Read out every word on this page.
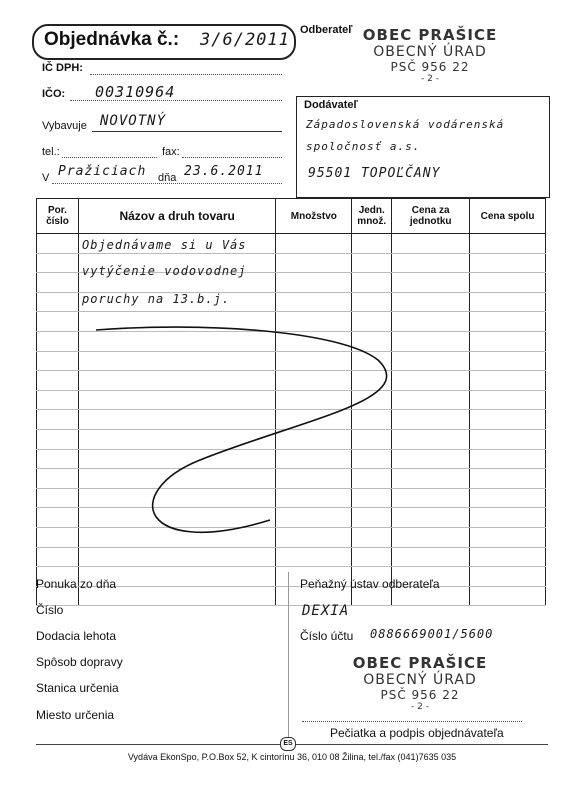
Objednávka č.: 3/6/2011
IČ DPH:
IČO: 00310964
Vybavuje NOVOTNÝ
tel.:	fax:
V Pražiciach dňa 23.6.2011
Odberateľ OBEC PRAŠICE
OBECNÝ ÚRAD
PSČ 956 22
- 2 -
Dodávateľ
Západoslovenská vodárenská
spoločnosť a.s.
95501 TOPOĽČANY
Por. číslo	Názov a druh tovaru	Množstvo	Jedn. množ.	Cena za jednotku	Cena spolu

Objednávame si u Vás
vytýčenie vodovodnej
poruchy na 13.b.j.
Ponuka zo dňa
Číslo
Dodacia lehota
Spôsob dopravy
Stanica určenia
Miesto určenia
Peňažný ústav odberateľa
DEXIA
Číslo účtu 0886669001/5600
OBEC PRAŠICE
OBECNÝ ÚRAD
PSČ 956 22
- 2 -
Pečiatka a podpis objednávateľa
ES
Vydáva EkonSpo, P.O.Box 52, K cintorínu 36, 010 08 Žilina, tel./fax (041)7635 035
